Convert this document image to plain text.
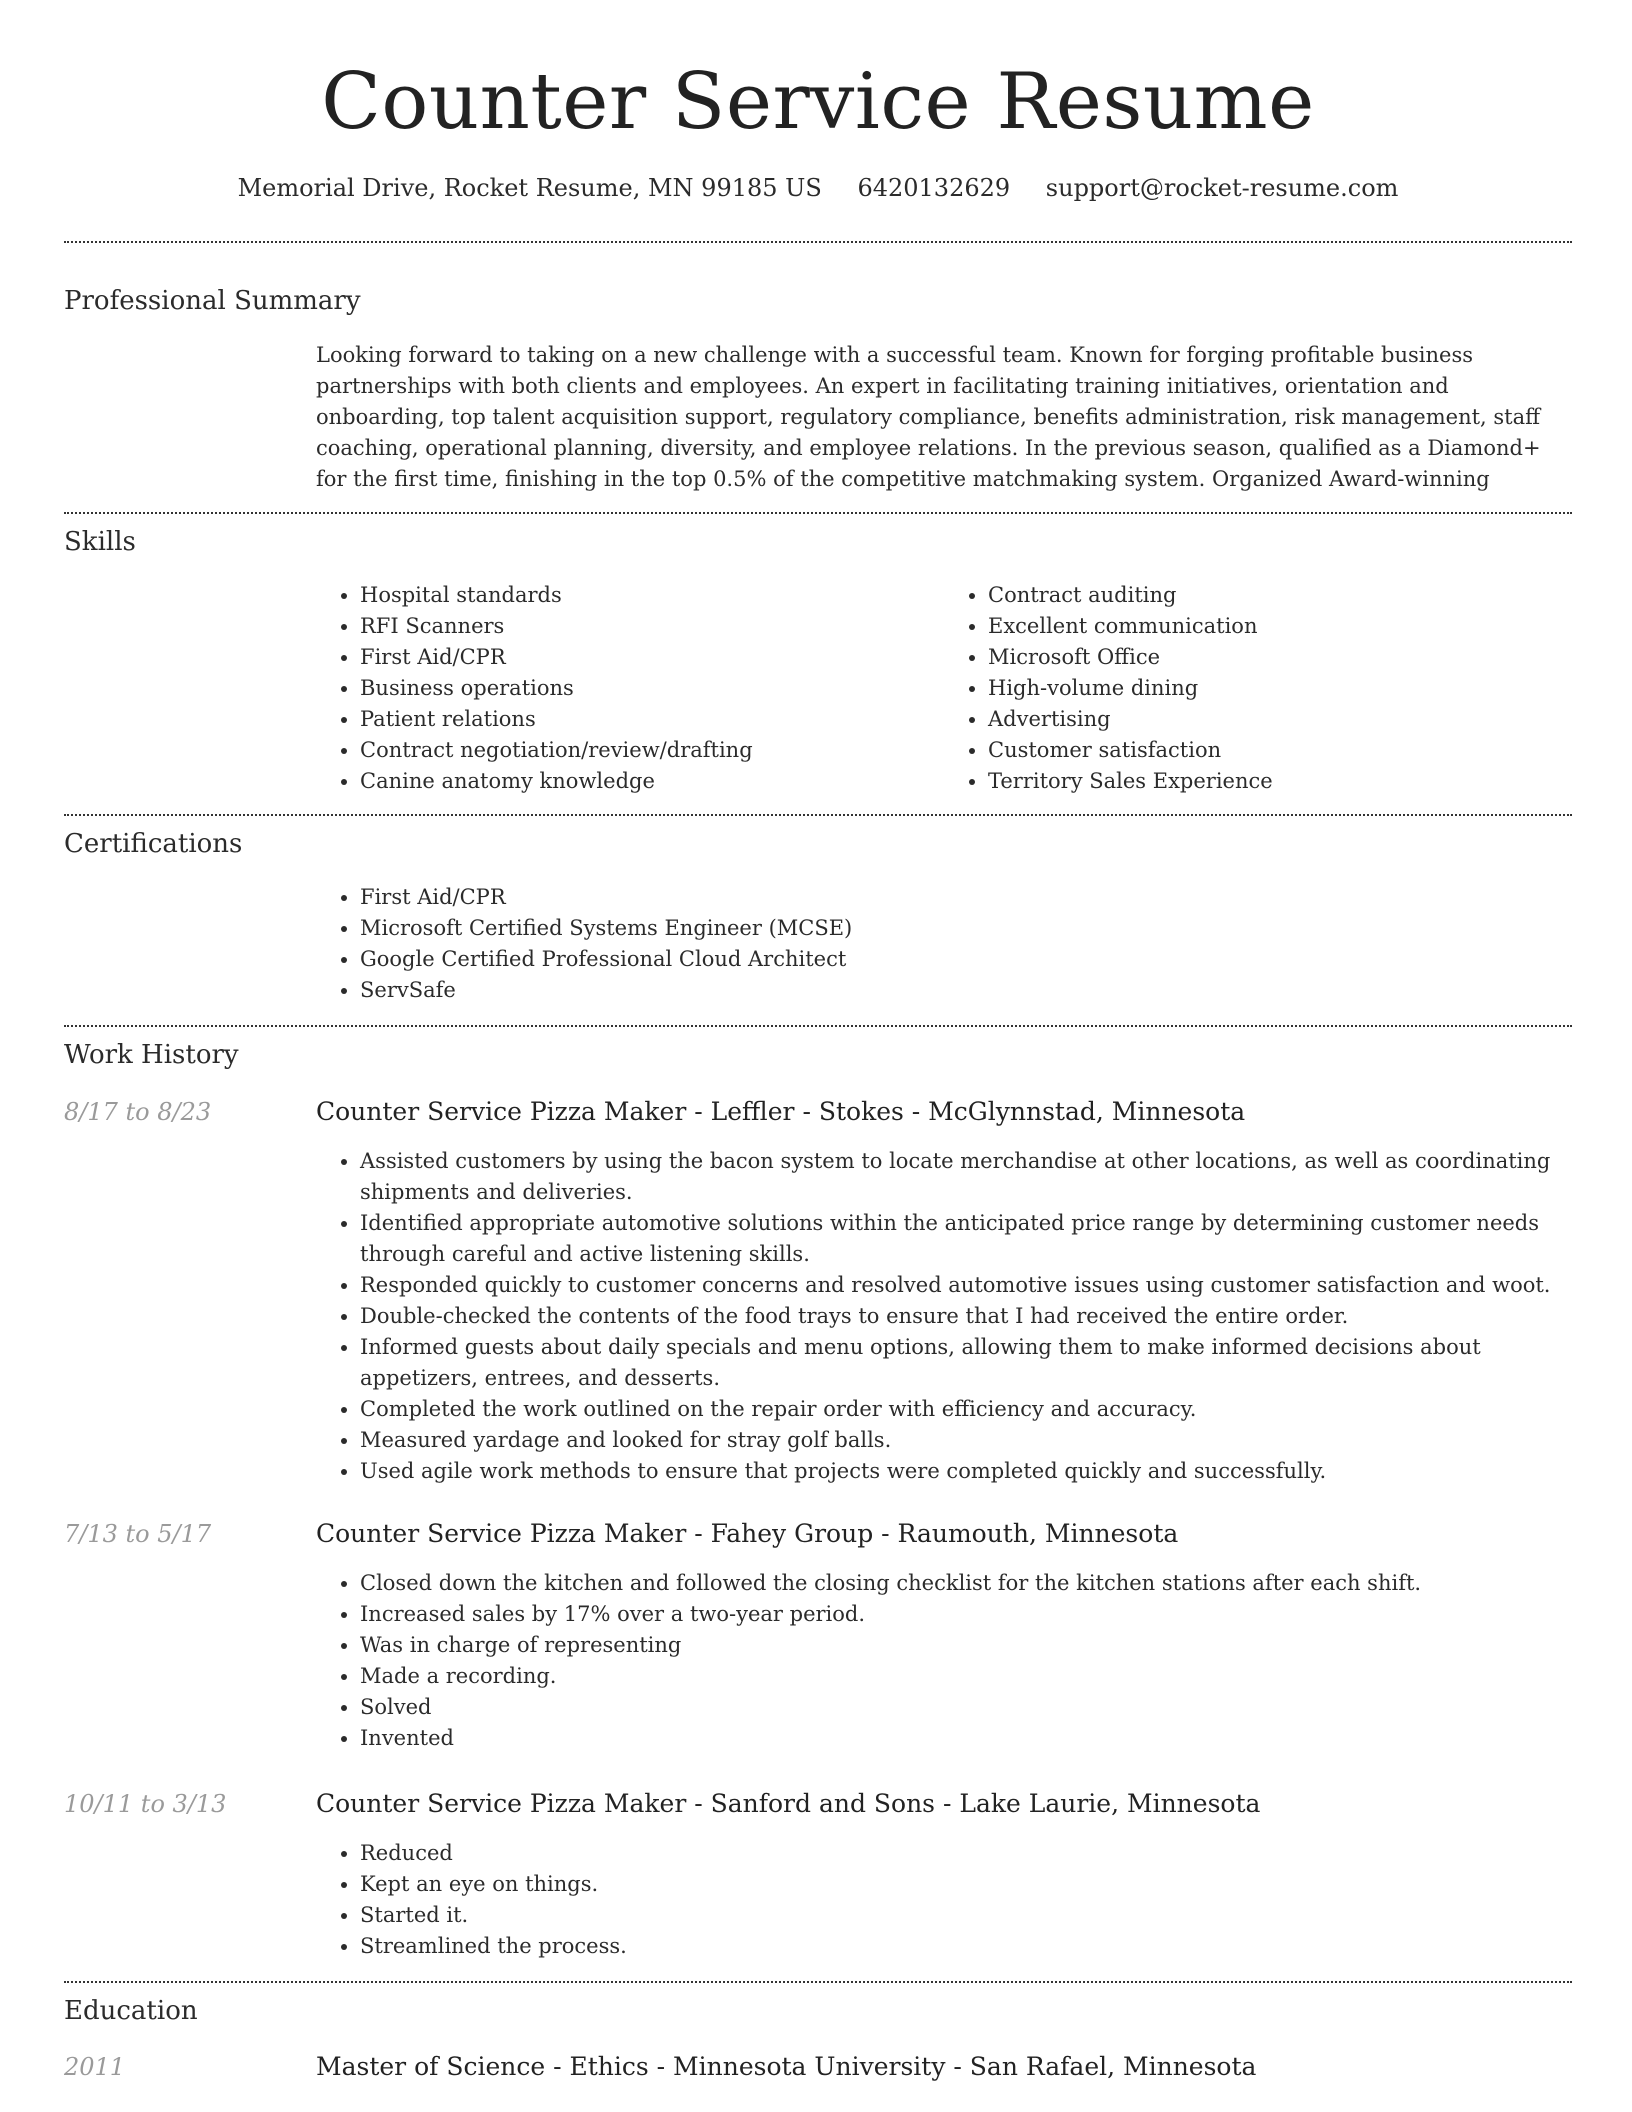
Counter Service Resume
Memorial Drive, Rocket Resume, MN 99185 US 6420132629 support@rocket-resume.com
Professional Summary

Looking forward to taking on a new challenge with a successful team. Known for forging profitable business partnerships with both clients and employees. An expert in facilitating training initiatives, orientation and onboarding, top talent acquisition support, regulatory compliance, benefits administration, risk management, staff coaching, operational planning, diversity, and employee relations. In the previous season, qualified as a Diamond+ for the first time, finishing in the top 0.5% of the competitive matchmaking system. Organized Award-winning

Skills
• Hospital standards
• RFI Scanners
• First Aid/CPR
• Business operations
• Patient relations
• Contract negotiation/review/drafting
• Canine anatomy knowledge
• Contract auditing
• Excellent communication
• Microsoft Office
• High-volume dining
• Advertising
• Customer satisfaction
• Territory Sales Experience
Certifications
• First Aid/CPR
• Microsoft Certified Systems Engineer (MCSE)
• Google Certified Professional Cloud Architect
• ServSafe
Work History
8/17 to 8/23	Counter Service Pizza Maker - Leffler - Stokes - McGlynnstad, Minnesota
• Assisted customers by using the bacon system to locate merchandise at other locations, as well as coordinating shipments and deliveries.
• Identified appropriate automotive solutions within the anticipated price range by determining customer needs through careful and active listening skills.
• Responded quickly to customer concerns and resolved automotive issues using customer satisfaction and woot.
• Double-checked the contents of the food trays to ensure that I had received the entire order.
• Informed guests about daily specials and menu options, allowing them to make informed decisions about appetizers, entrees, and desserts.
• Completed the work outlined on the repair order with efficiency and accuracy.
• Measured yardage and looked for stray golf balls.
• Used agile work methods to ensure that projects were completed quickly and successfully.
7/13 to 5/17	Counter Service Pizza Maker - Fahey Group - Raumouth, Minnesota
• Closed down the kitchen and followed the closing checklist for the kitchen stations after each shift.
• Increased sales by 17% over a two-year period.
• Was in charge of representing
• Made a recording.
• Solved
• Invented
10/11 to 3/13	Counter Service Pizza Maker - Sanford and Sons - Lake Laurie, Minnesota
• Reduced
• Kept an eye on things.
• Started it.
• Streamlined the process.
Education
2011	Master of Science - Ethics - Minnesota University - San Rafael, Minnesota
